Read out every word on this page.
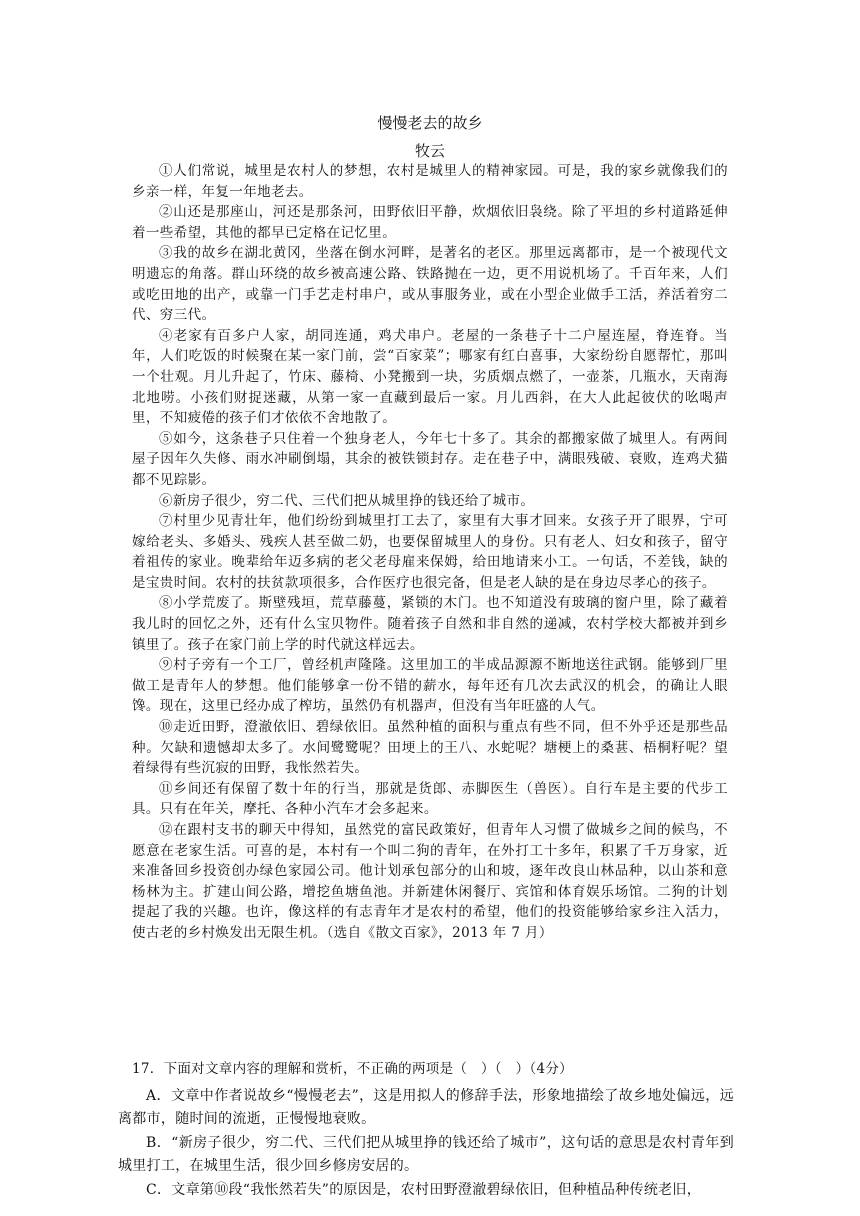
慢慢老去的故乡
牧云

①人们常说，城里是农村人的梦想，农村是城里人的精神家园。可是，我的家乡就像我们的乡亲一样，年复一年地老去。

②山还是那座山，河还是那条河，田野依旧平静，炊烟依旧袅绕。除了平坦的乡村道路延伸着一些希望，其他的都早已定格在记忆里。

③我的故乡在湖北黄冈，坐落在倒水河畔，是著名的老区。那里远离都市，是一个被现代文明遗忘的角落。群山环绕的故乡被高速公路、铁路抛在一边，更不用说机场了。千百年来，人们或吃田地的出产，或靠一门手艺走村串户，或从事服务业，或在小型企业做手工活，养活着穷二代、穷三代。

④老家有百多户人家，胡同连通，鸡犬串户。老屋的一条巷子十二户屋连屋，脊连脊。当年，人们吃饭的时候聚在某一家门前，尝“百家菜”；哪家有红白喜事，大家纷纷自愿帮忙，那叫一个壮观。月儿升起了，竹床、藤椅、小凳搬到一块，劣质烟点燃了，一壶茶，几瓶水，天南海北地唠。小孩们财捉迷藏，从第一家一直藏到最后一家。月儿西斜，在大人此起彼伏的吆喝声里，不知疲倦的孩子们才依依不舍地散了。

⑤如今，这条巷子只住着一个独身老人，今年七十多了。其余的都搬家做了城里人。有两间屋子因年久失修、雨水冲刷倒塌，其余的被铁锁封存。走在巷子中，满眼残破、衰败，连鸡犬猫都不见踪影。

⑥新房子很少，穷二代、三代们把从城里挣的钱还给了城市。

⑦村里少见青壮年，他们纷纷到城里打工去了，家里有大事才回来。女孩子开了眼界，宁可嫁给老头、多婚头、残疾人甚至做二奶，也要保留城里人的身份。只有老人、妇女和孩子，留守着祖传的家业。晚辈给年迈多病的老父老母雇来保姆，给田地请来小工。一句话，不差钱，缺的是宝贵时间。农村的扶贫款项很多，合作医疗也很完备，但是老人缺的是在身边尽孝心的孩子。

⑧小学荒废了。斯壁残垣，荒草藤蔓，紧锁的木门。也不知道没有玻璃的窗户里，除了藏着我儿时的回忆之外，还有什么宝贝物件。随着孩子自然和非自然的递减，农村学校大都被并到乡镇里了。孩子在家门前上学的时代就这样远去。

⑨村子旁有一个工厂，曾经机声隆隆。这里加工的半成品源源不断地送往武钢。能够到厂里做工是青年人的梦想。他们能够拿一份不错的薪水，每年还有几次去武汉的机会，的确让人眼馋。现在，这里已经办成了榨坊，虽然仍有机器声，但没有当年旺盛的人气。

⑩走近田野，澄澈依旧、碧绿依旧。虽然种植的面积与重点有些不同，但不外乎还是那些品种。欠缺和遗憾却太多了。水间鹭鹭呢？田埂上的王八、水蛇呢？塘梗上的桑葚、梧桐籽呢？望着绿得有些沉寂的田野，我怅然若失。

⑪乡间还有保留了数十年的行当，那就是货郎、赤脚医生（兽医）。自行车是主要的代步工具。只有在年关，摩托、各种小汽车才会多起来。

⑫在跟村支书的聊天中得知，虽然党的富民政策好，但青年人习惯了做城乡之间的候鸟，不愿意在老家生活。可喜的是，本村有一个叫二狗的青年，在外打工十多年，积累了千万身家，近来准备回乡投资创办绿色家园公司。他计划承包部分的山和坡，逐年改良山林品种，以山茶和意杨林为主。扩建山间公路，增挖鱼塘鱼池。并新建休闲餐厅、宾馆和体育娱乐场馆。二狗的计划提起了我的兴趣。也许，像这样的有志青年才是农村的希望，他们的投资能够给家乡注入活力，使古老的乡村焕发出无限生机。（选自《散文百家》，2013 年 7 月）

17．下面对文章内容的理解和赏析，不正确的两项是（　）（　）（4分）

A．文章中作者说故乡“慢慢老去”，这是用拟人的修辞手法，形象地描绘了故乡地处偏远，远离都市，随时间的流逝，正慢慢地衰败。

B．“新房子很少，穷二代、三代们把从城里挣的钱还给了城市”，这句话的意思是农村青年到城里打工，在城里生活，很少回乡修房安居的。

C．文章第⑩段“我怅然若失”的原因是，农村田野澄澈碧绿依旧，但种植品种传统老旧，
